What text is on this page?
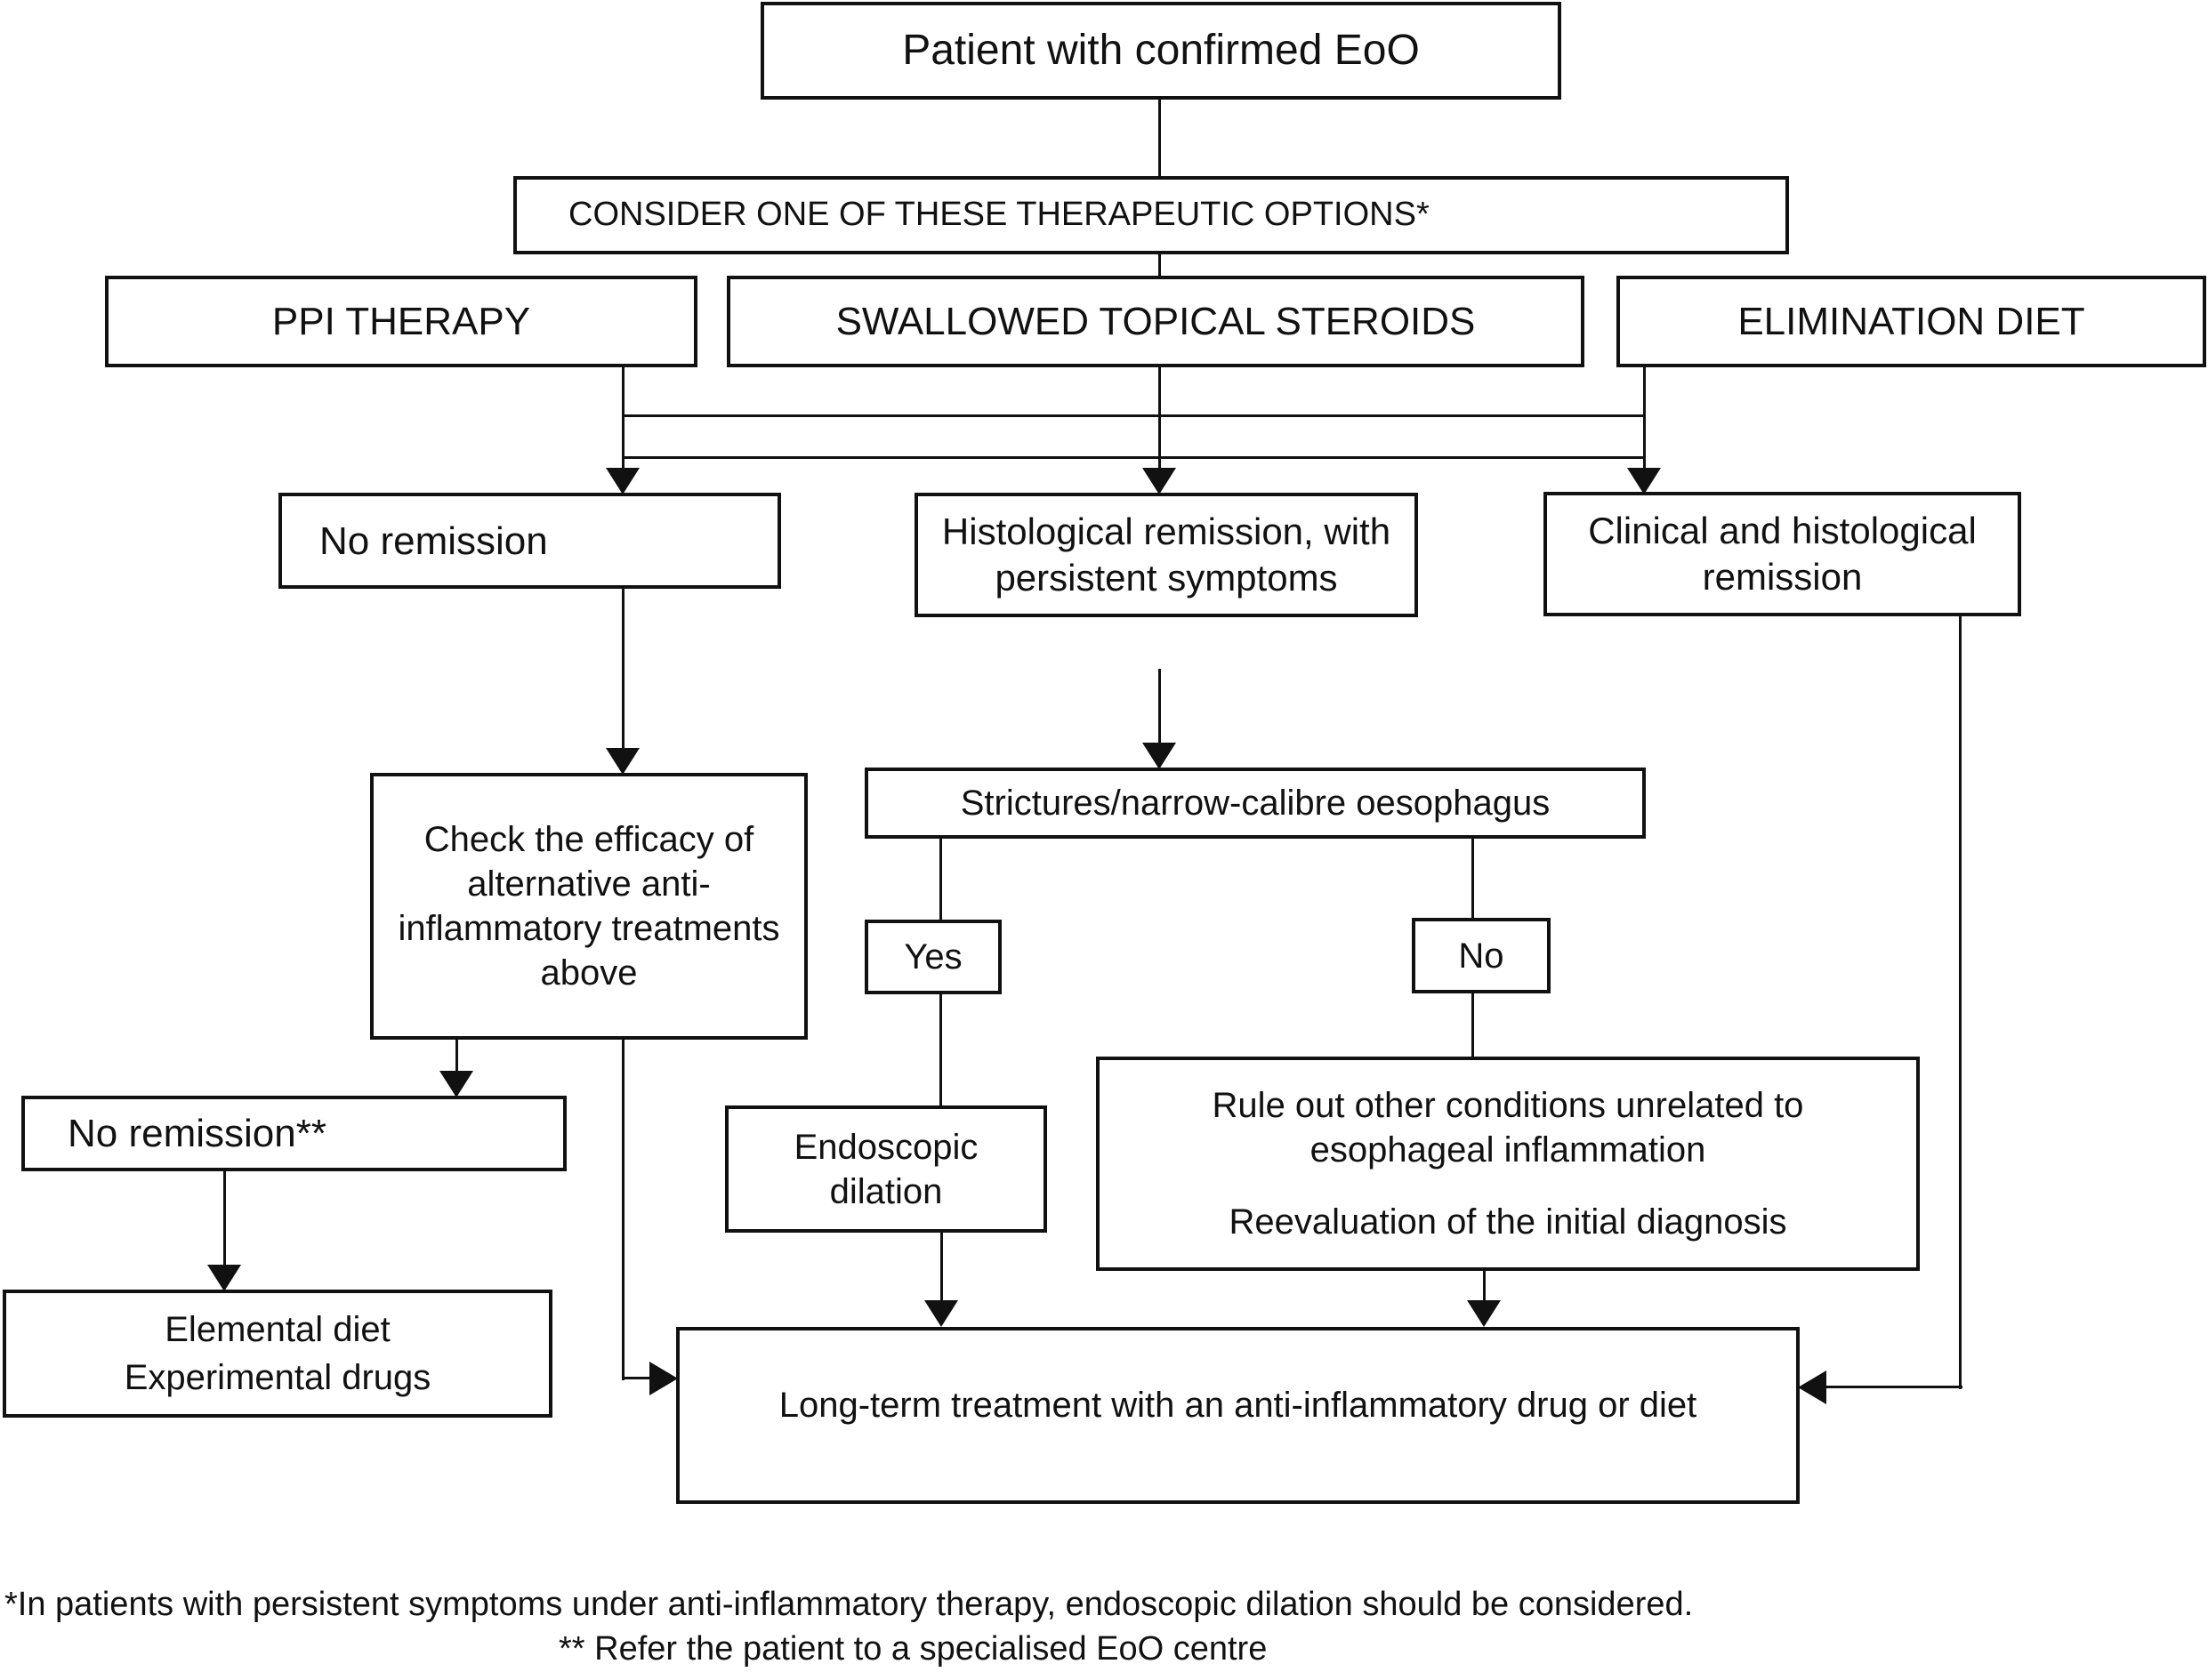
Patient with confirmed EoO
CONSIDER ONE OF THESE THERAPEUTIC OPTIONS*
PPI THERAPY	SWALLOWED TOPICAL STEROIDS	ELIMINATION DIET
No remission	Histological remission, with
persistent symptoms
Clinical and histological
remission
Check the efficacy of
alternative anti-
inflammatory treatments
above
Strictures/narrow-calibre oesophagus
Yes	No
Endoscopic
dilation
Rule out other conditions unrelated to
esophageal inflammation
Reevaluation of the initial diagnosis
No remission**
Elemental diet
Experimental drugs
Long-term treatment with an anti-inflammatory drug or diet
*In patients with persistent symptoms under anti-inflammatory therapy, endoscopic dilation should be considered.
** Refer the patient to a specialised EoO centre
